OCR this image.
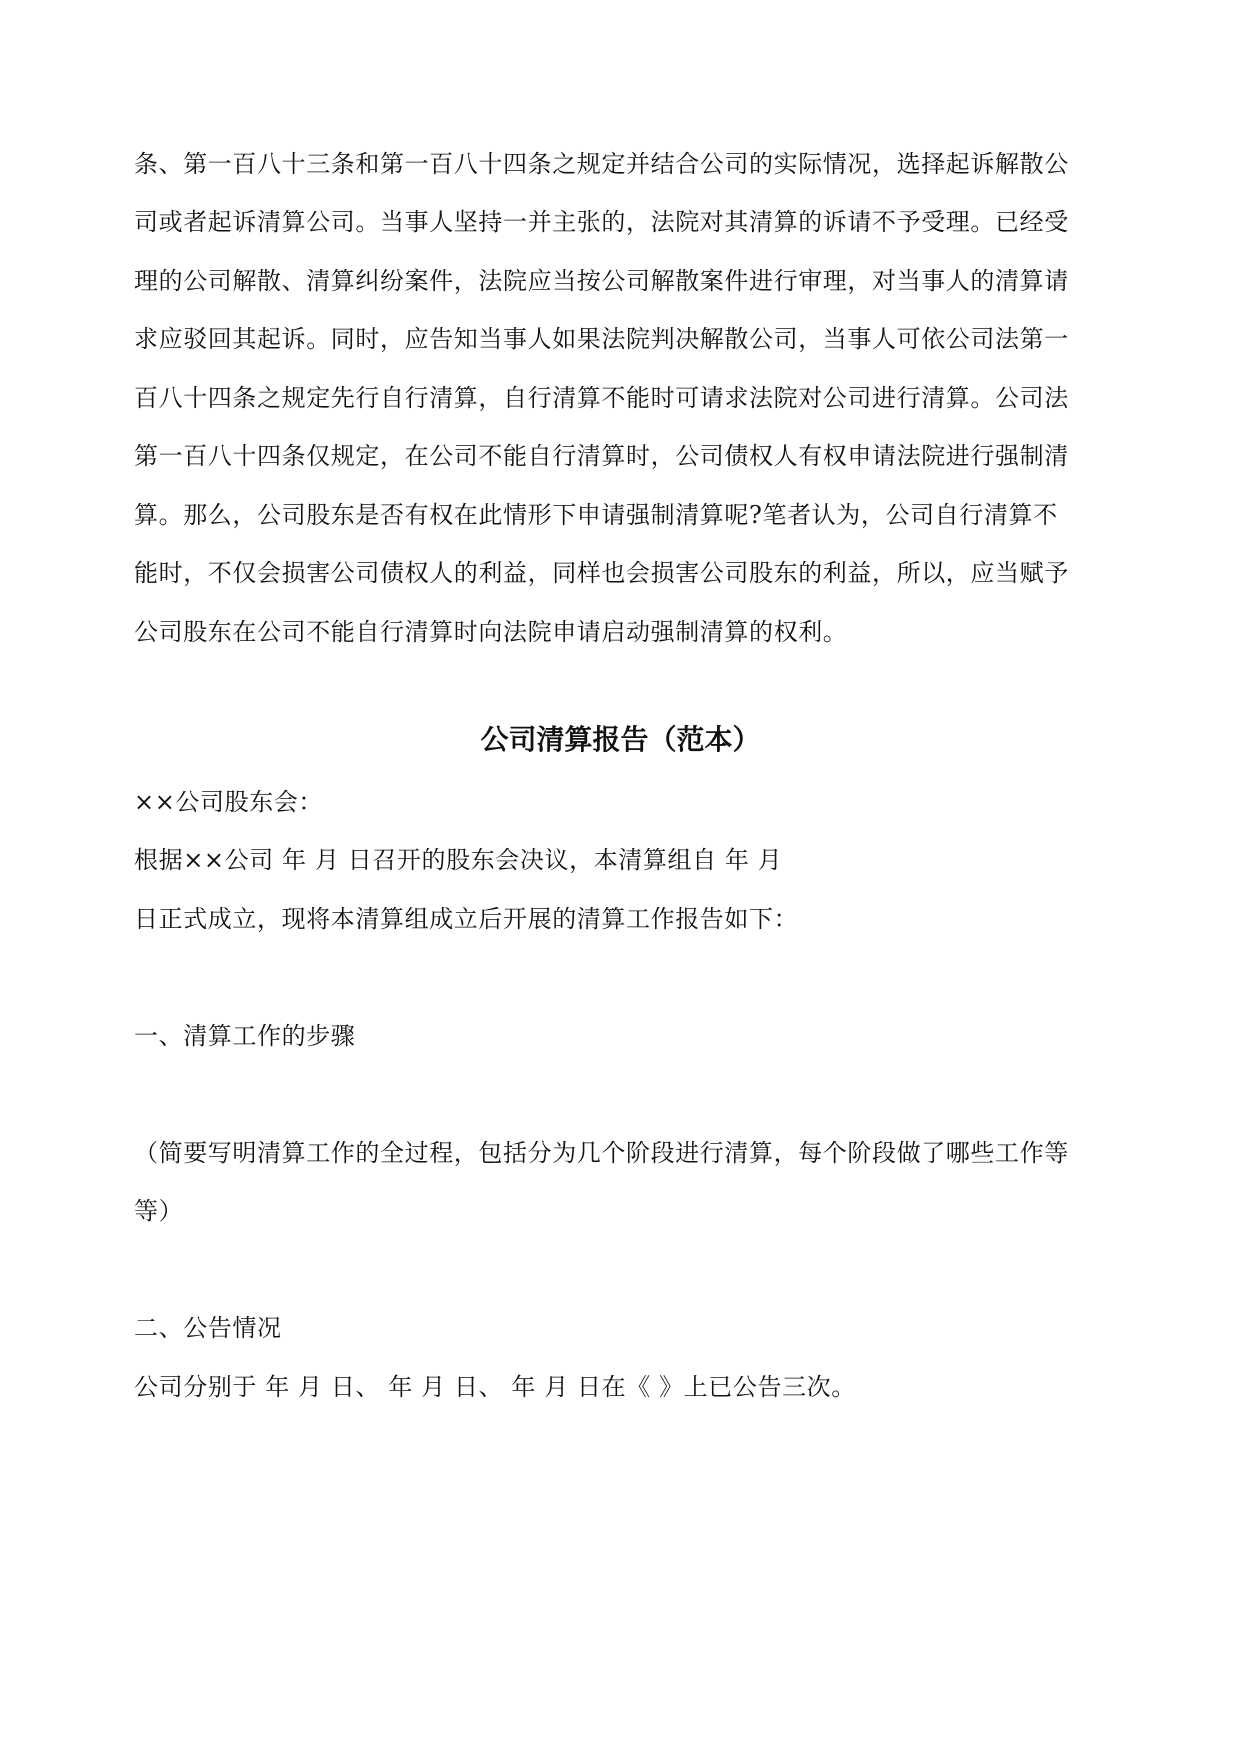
条、第一百八十三条和第一百八十四条之规定并结合公司的实际情况，选择起诉解散公
司或者起诉清算公司。当事人坚持一并主张的，法院对其清算的诉请不予受理。已经受
理的公司解散、清算纠纷案件，法院应当按公司解散案件进行审理，对当事人的清算请
求应驳回其起诉。同时，应告知当事人如果法院判决解散公司，当事人可依公司法第一
百八十四条之规定先行自行清算，自行清算不能时可请求法院对公司进行清算。公司法
第一百八十四条仅规定，在公司不能自行清算时，公司债权人有权申请法院进行强制清
算。那么，公司股东是否有权在此情形下申请强制清算呢?笔者认为，公司自行清算不
能时，不仅会损害公司债权人的利益，同样也会损害公司股东的利益，所以，应当赋予
公司股东在公司不能自行清算时向法院申请启动强制清算的权利。
公司清算报告（范本）
××公司股东会：
根据××公司 年 月 日召开的股东会决议，本清算组自 年 月
日正式成立，现将本清算组成立后开展的清算工作报告如下：
一、清算工作的步骤
（简要写明清算工作的全过程，包括分为几个阶段进行清算，每个阶段做了哪些工作等
等）
二、公告情况
公司分别于 年 月 日、 年 月 日、 年 月 日在《 》上已公告三次。
